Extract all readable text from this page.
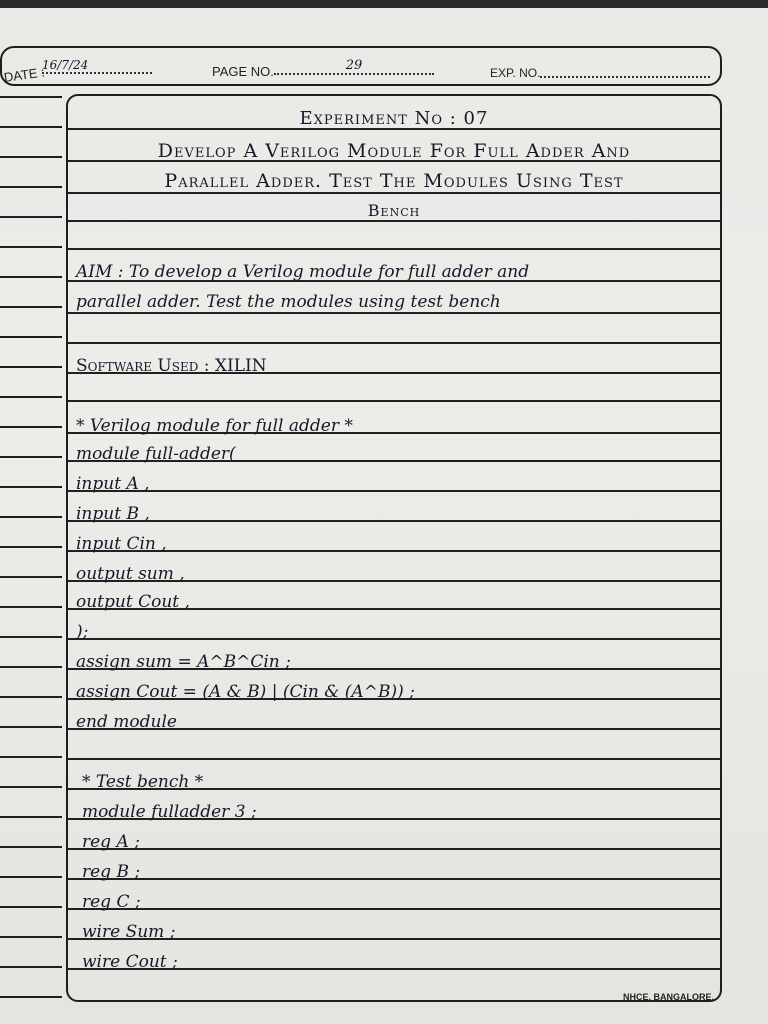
DATE :
16/7/24	PAGE NO.	29	EXP. NO.
Experiment No : 07
Develop A Verilog Module For Full Adder And
Parallel Adder. Test The Modules Using Test
Bench
AIM : To develop a Verilog module for full adder and
parallel adder. Test the modules using test bench
Software Used : XILIN
* Verilog module for full adder *
module full-adder(
input A ,
input B ,
input Cin ,
output sum ,
output Cout ,
);
assign sum = A^B^Cin ;
assign Cout = (A & B) | (Cin & (A^B)) ;
end module
* Test bench *
module fulladder 3 ;
reg A ;
reg B ;
reg C ;
wire Sum ;
wire Cout ;
NHCE, BANGALORE.
